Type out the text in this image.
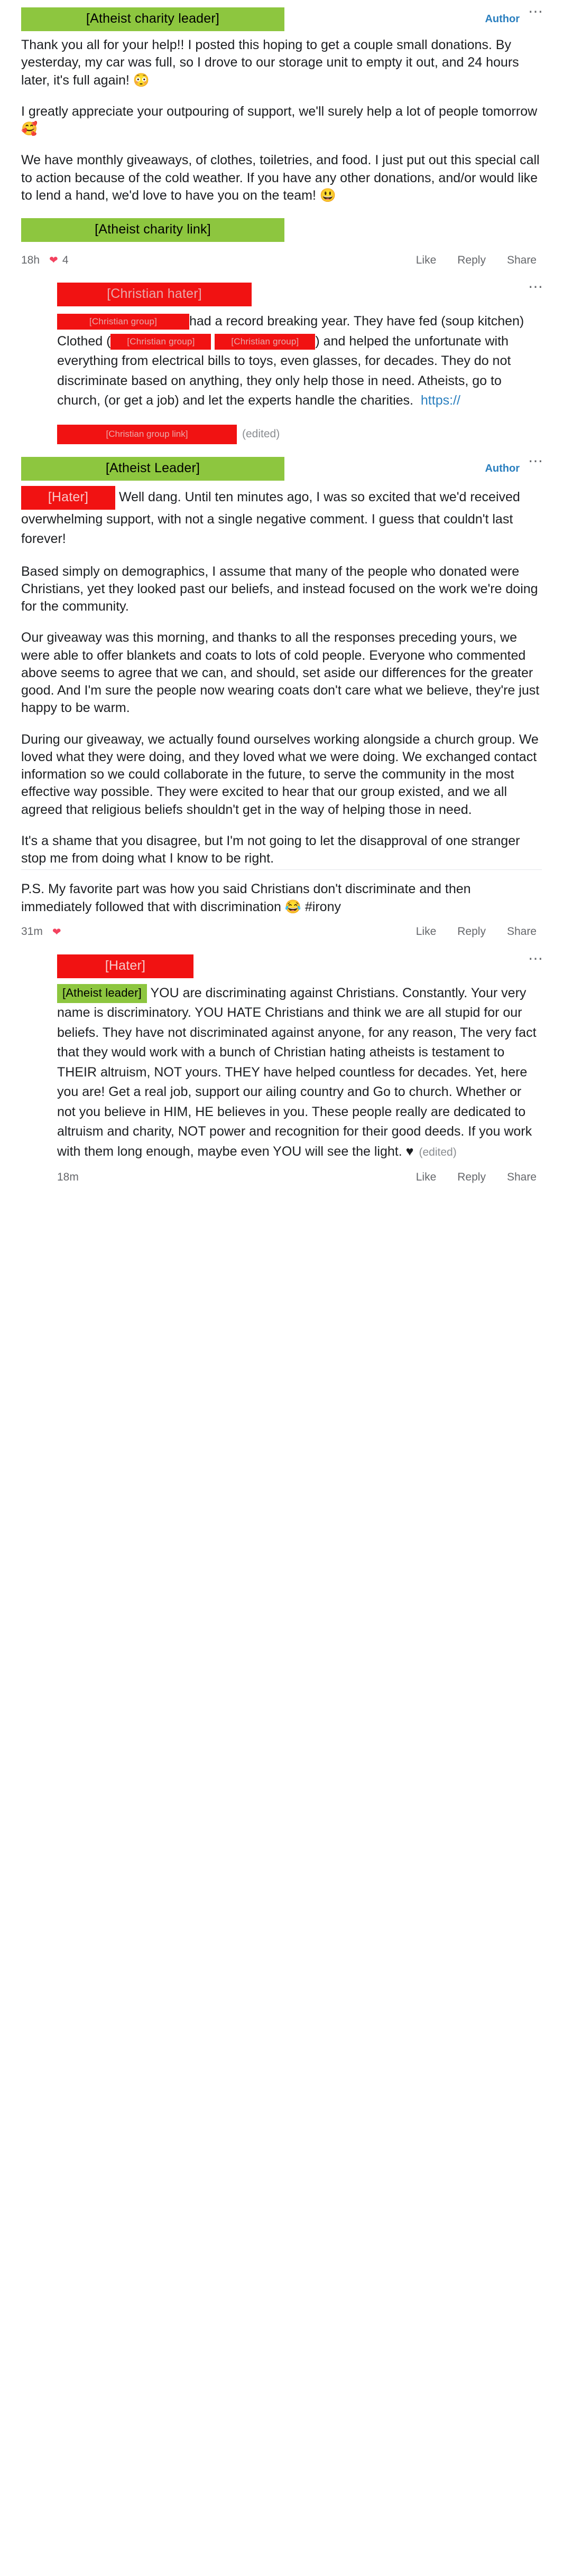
[Atheist charity leader]	Author ⋯

Thank you all for your help!! I posted this hoping to get a couple small donations. By yesterday, my car was full, so I drove to our storage unit to empty it out, and 24 hours later, it's full again! 😳

I greatly appreciate your outpouring of support, we'll surely help a lot of people tomorrow 🥰

We have monthly giveaways, of clothes, toiletries, and food. I just put out this special call to action because of the cold weather. If you have any other donations, and/or would like to lend a hand, we'd love to have you on the team! 😃

[Atheist charity link]
18h ❤ 4	Like Reply Share
[Christian hater]	⋯
[Christian group] had a record breaking year. They have fed (soup kitchen) Clothed ( [Christian group]	[Christian group] ) and helped the unfortunate with everything from electrical bills to toys, even glasses, for decades. They do not discriminate based on anything, they only help those in need. Atheists, go to church, (or get a job) and let the experts handle the charities. https://
[Christian group link]	(edited)
[Atheist Leader]	Author ⋯
[Hater] Well dang. Until ten minutes ago, I was so excited that we'd received overwhelming support, with not a single negative comment. I guess that couldn't last forever!

Based simply on demographics, I assume that many of the people who donated were Christians, yet they looked past our beliefs, and instead focused on the work we're doing for the community.

Our giveaway was this morning, and thanks to all the responses preceding yours, we were able to offer blankets and coats to lots of cold people. Everyone who commented above seems to agree that we can, and should, set aside our differences for the greater good. And I'm sure the people now wearing coats don't care what we believe, they're just happy to be warm.

During our giveaway, we actually found ourselves working alongside a church group. We loved what they were doing, and they loved what we were doing. We exchanged contact information so we could collaborate in the future, to serve the community in the most effective way possible. They were excited to hear that our group existed, and we all agreed that religious beliefs shouldn't get in the way of helping those in need.

It's a shame that you disagree, but I'm not going to let the disapproval of one stranger stop me from doing what I know to be right.

P.S. My favorite part was how you said Christians don't discriminate and then immediately followed that with discrimination 😂 #irony

31m ❤	Like Reply Share
[Hater]	⋯
[Atheist leader] YOU are discriminating against Christians. Constantly. Your very name is discriminatory. YOU HATE Christians and think we are all stupid for our beliefs. They have not discriminated against anyone, for any reason, The very fact that they would work with a bunch of Christian hating atheists is testament to THEIR altruism, NOT yours. THEY have helped countless for decades. Yet, here you are! Get a real job, support our ailing country and Go to church. Whether or not you believe in HIM, HE believes in you. These people really are dedicated to altruism and charity, NOT power and recognition for their good deeds. If you work with them long enough, maybe even YOU will see the light. ♥ (edited)
18m	Like Reply Share
